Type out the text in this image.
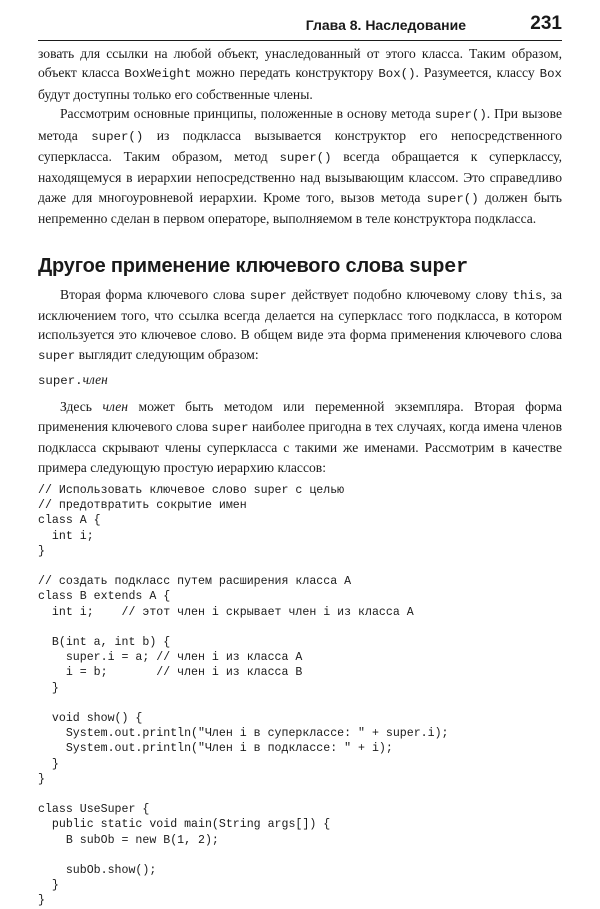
Глава 8. Наследование	231

зовать для ссылки на любой объект, унаследованный от этого класса. Таким образом, объект класса BoxWeight можно передать конструктору Box(). Разумеется, классу Box будут доступны только его собственные члены.

Рассмотрим основные принципы, положенные в основу метода super(). При вызове метода super() из подкласса вызывается конструктор его непосредственного суперкласса. Таким образом, метод super() всегда обращается к суперклассу, находящемуся в иерархии непосредственно над вызывающим классом. Это справедливо даже для многоуровневой иерархии. Кроме того, вызов метода super() должен быть непременно сделан в первом операторе, выполняемом в теле конструктора подкласса.

Другое применение ключевого слова super

Вторая форма ключевого слова super действует подобно ключевому слову this, за исключением того, что ссылка всегда делается на суперкласс того подкласса, в котором используется это ключевое слово. В общем виде эта форма применения ключевого слова super выглядит следующим образом:

super.член

Здесь член может быть методом или переменной экземпляра. Вторая форма применения ключевого слова super наиболее пригодна в тех случаях, когда имена членов подкласса скрывают члены суперкласса с такими же именами. Рассмотрим в качестве примера следующую простую иерархию классов:

// Использовать ключевое слово super с целью
// предотвратить сокрытие имен
class A {
int i;
}

// создать подкласс путем расширения класса A
class B extends A {
int i;    // этот член i скрывает член i из класса A

B(int a, int b) {
super.i = a; // член i из класса A
i = b;       // член i из класса B
}

void show() {
System.out.println("Член i в суперклассе: " + super.i);
System.out.println("Член i в подклассе: " + i);
}
}

class UseSuper {
public static void main(String args[]) {
B subOb = new B(1, 2);

subOb.show();
}
}
